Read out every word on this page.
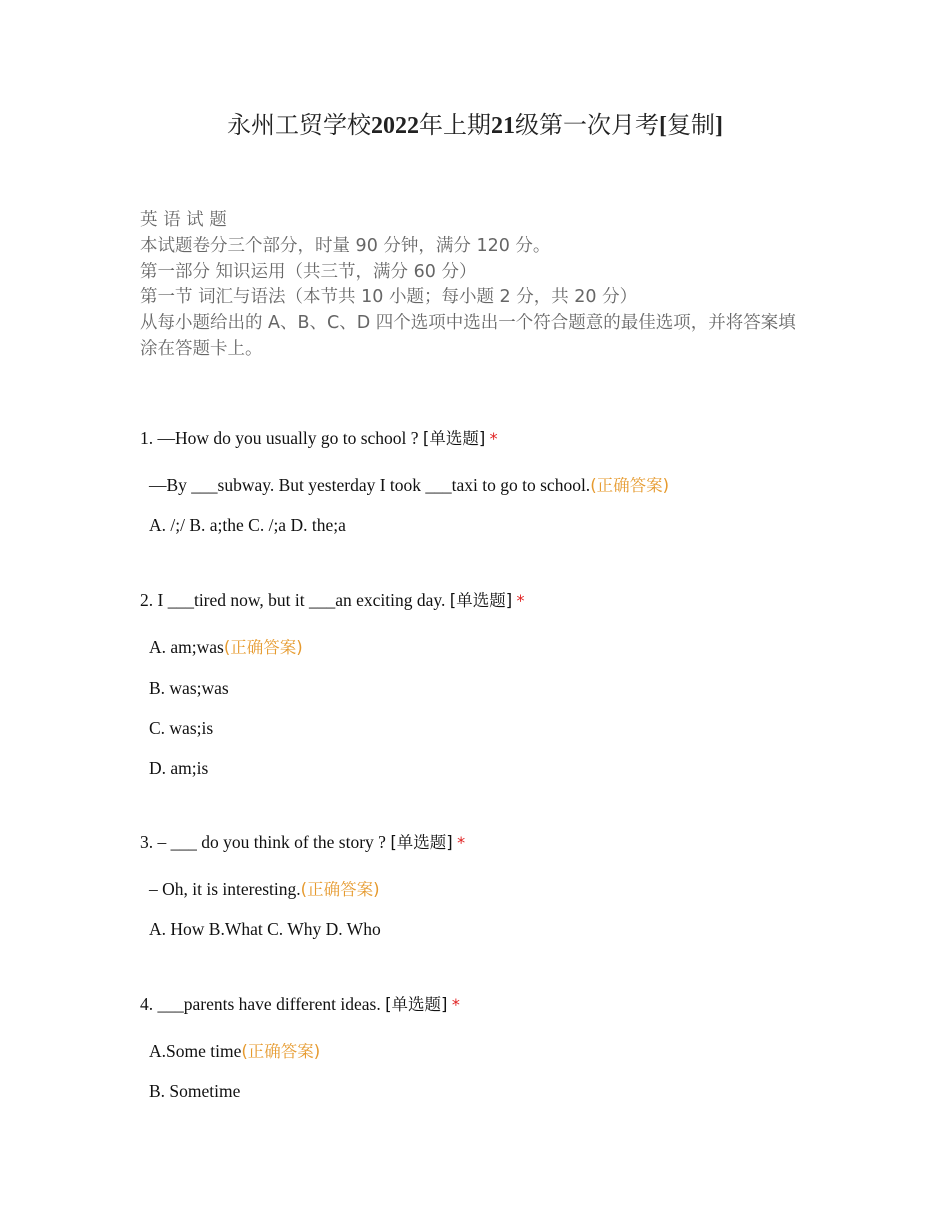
永州工贸学校2022年上期21级第一次月考[复制]

英 语 试 题

本试题卷分三个部分，时量 90 分钟，满分 120 分。

第一部分 知识运用（共三节，满分 60 分）

第一节 词汇与语法（本节共 10 小题；每小题 2 分，共 20 分）

从每小题给出的 A、B、C、D 四个选项中选出一个符合题意的最佳选项，并将答案填涂在答题卡上。

1. —How do you usually go to school ? [单选题] *
—By ___subway. But yesterday I took ___taxi to go to school.(正确答案)
A. /;/ B. a;the C. /;a D. the;a
2. I ___tired now, but it ___an exciting day. [单选题] *
A. am;was(正确答案)
B. was;was
C. was;is
D. am;is
3. – ___ do you think of the story ? [单选题] *
– Oh, it is interesting.(正确答案)
A. How B.What C. Why D. Who
4. ___parents have different ideas. [单选题] *
A.Some time(正确答案)
B. Sometime
